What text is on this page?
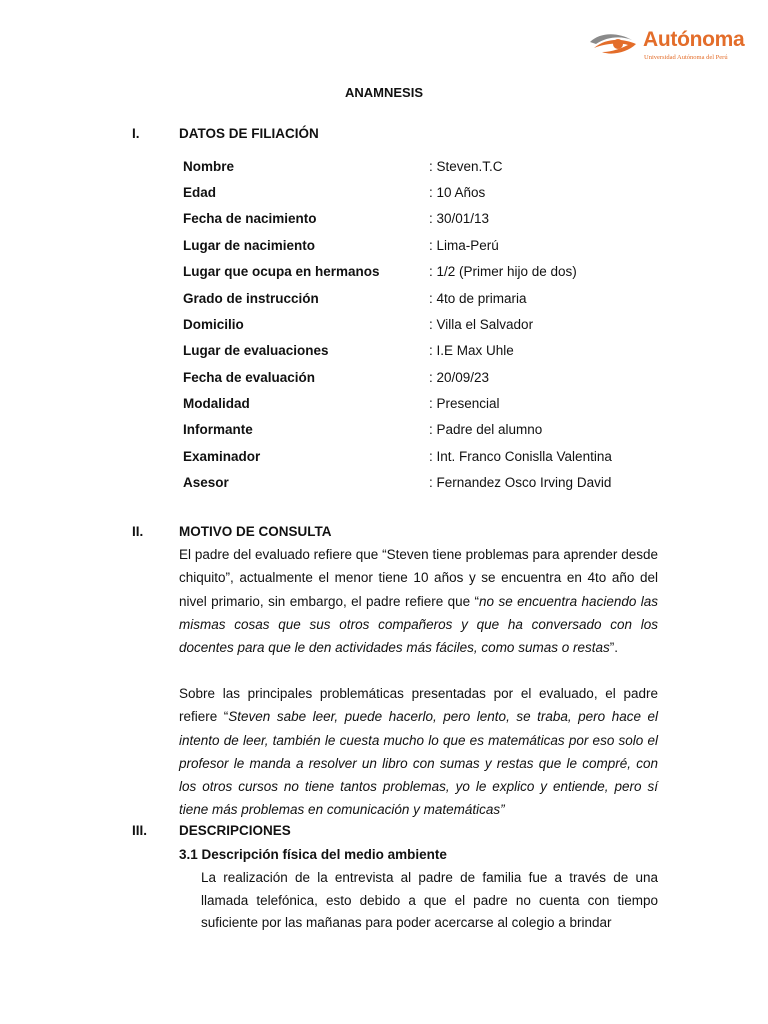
Autónoma
Universidad Autónoma del Perú
ANAMNESIS
I.	DATOS DE FILIACIÓN
Nombre	: Steven.T.C
Edad	: 10 Años
Fecha de nacimiento	: 30/01/13
Lugar de nacimiento	: Lima-Perú
Lugar que ocupa en hermanos	: 1/2 (Primer hijo de dos)
Grado de instrucción	: 4to de primaria
Domicilio	: Villa el Salvador
Lugar de evaluaciones	: I.E Max Uhle
Fecha de evaluación	: 20/09/23
Modalidad	: Presencial
Informante	: Padre del alumno
Examinador	: Int. Franco Conislla Valentina
Asesor	: Fernandez Osco Irving David
II.	MOTIVO DE CONSULTA
El padre del evaluado refiere que “Steven tiene problemas para aprender desde chiquito”, actualmente el menor tiene 10 años y se encuentra en 4to año del nivel primario, sin embargo, el padre refiere que “no se encuentra haciendo las mismas cosas que sus otros compañeros y que ha conversado con los docentes para que le den actividades más fáciles, como sumas o restas”.
Sobre las principales problemáticas presentadas por el evaluado, el padre refiere “Steven sabe leer, puede hacerlo, pero lento, se traba, pero hace el intento de leer, también le cuesta mucho lo que es matemáticas por eso solo el profesor le manda a resolver un libro con sumas y restas que le compré, con los otros cursos no tiene tantos problemas, yo le explico y entiende, pero sí tiene más problemas en comunicación y matemáticas”
III. DESCRIPCIONES
3.1 Descripción física del medio ambiente
La realización de la entrevista al padre de familia fue a través de una llamada telefónica, esto debido a que el padre no cuenta con tiempo suficiente por las mañanas para poder acercarse al colegio a brindar
